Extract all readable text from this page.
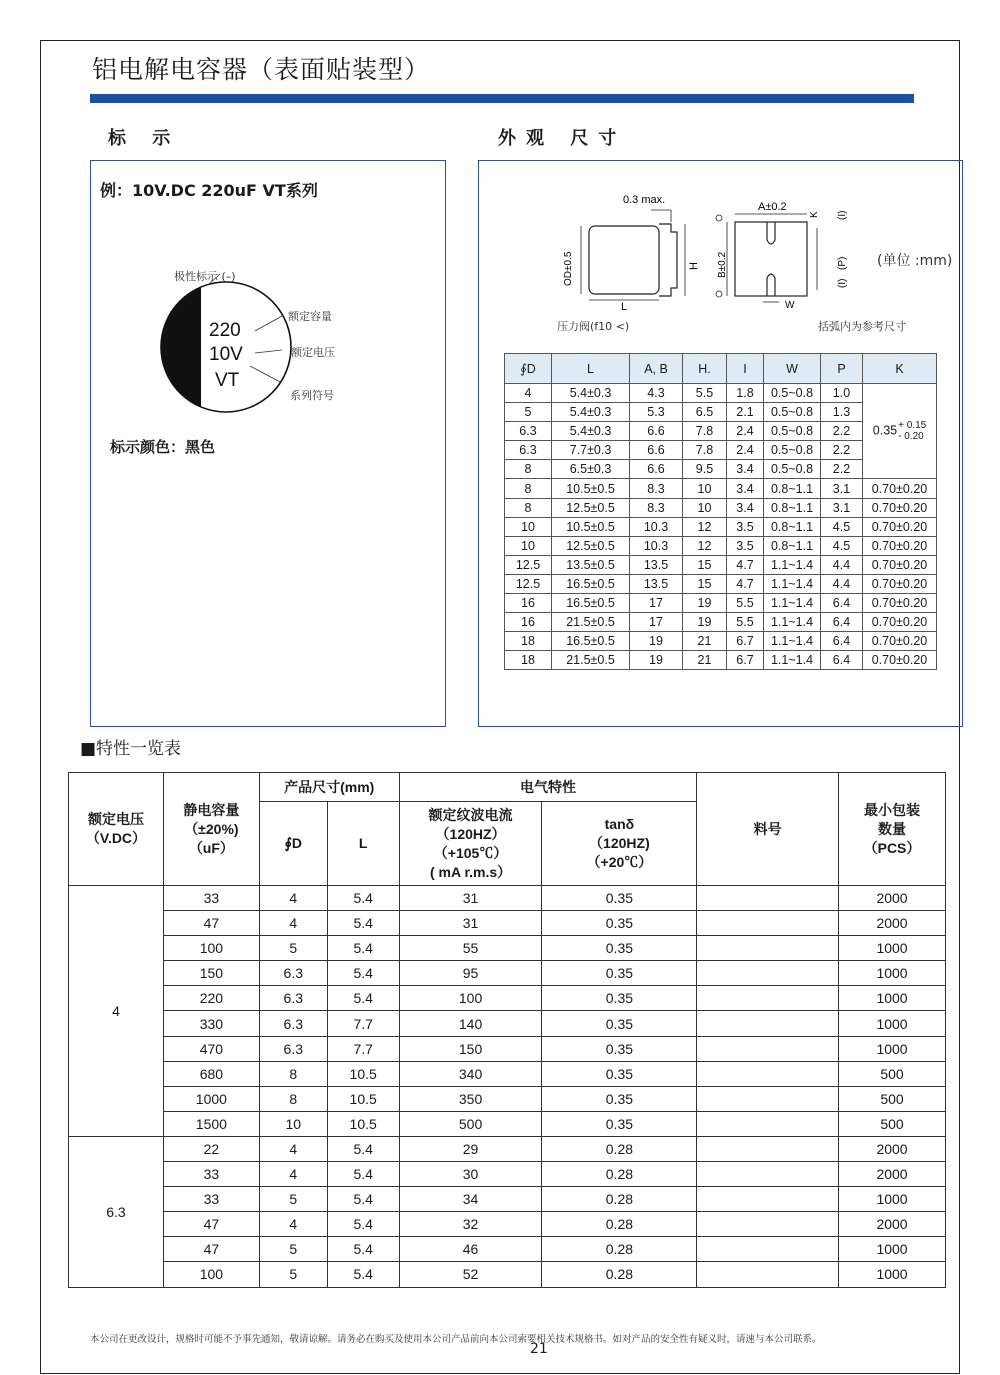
铝电解电容器（表面贴装型）
标 示	外观 尺寸
例：10V.DC 220uF VT系列
220
10V
VT
极性标示 (–)
额定容量
额定电压
系列符号
标示颜色：黑色
0.3 max.
OD±0.5
L
H
A±0.2
B±0.2
K (I)
(P)
(I)
W
(单位 :mm)
压力阀(f10 <)	括弧内为参考尺寸
∮D	L	A, B	H.	I	W	P	K
4	5.4±0.3	4.3	5.5	1.8	0.5~0.8	1.0	0.35+ 0.15
- 0.20
5	5.4±0.3	5.3	6.5	2.1	0.5~0.8	1.3	
6.3	5.4±0.3	6.6	7.8	2.4	0.5~0.8	2.2	
6.3	7.7±0.3	6.6	7.8	2.4	0.5~0.8	2.2	
8	6.5±0.3	6.6	9.5	3.4	0.5~0.8	2.2	
8	10.5±0.5	8.3	10	3.4	0.8~1.1	3.1	0.70±0.20
8	12.5±0.5	8.3	10	3.4	0.8~1.1	3.1	0.70±0.20
10	10.5±0.5	10.3	12	3.5	0.8~1.1	4.5	0.70±0.20
10	12.5±0.5	10.3	12	3.5	0.8~1.1	4.5	0.70±0.20
12.5	13.5±0.5	13.5	15	4.7	1.1~1.4	4.4	0.70±0.20
12.5	16.5±0.5	13.5	15	4.7	1.1~1.4	4.4	0.70±0.20
16	16.5±0.5	17	19	5.5	1.1~1.4	6.4	0.70±0.20
16	21.5±0.5	17	19	5.5	1.1~1.4	6.4	0.70±0.20
18	16.5±0.5	19	21	6.7	1.1~1.4	6.4	0.70±0.20
18	21.5±0.5	19	21	6.7	1.1~1.4	6.4	0.70±0.20
■特性一览表
额定电压
（V.DC）	静电容量
（±20%)
（uF）	产品尺寸(mm)		电气特性		料号	最小包装
数量
（PCS）
		∮D	L	额定纹波电流
（120HZ）
（+105℃）
( mA r.m.s）	tanδ
（120HZ)
（+20℃）		
4	33	4	5.4	31	0.35		2000
	47	4	5.4	31	0.35		2000
	100	5	5.4	55	0.35		1000
	150	6.3	5.4	95	0.35		1000
	220	6.3	5.4	100	0.35		1000
	330	6.3	7.7	140	0.35		1000
	470	6.3	7.7	150	0.35		1000
	680	8	10.5	340	0.35		500
	1000	8	10.5	350	0.35		500
	1500	10	10.5	500	0.35		500
6.3	22	4	5.4	29	0.28		2000
	33	4	5.4	30	0.28		2000
	33	5	5.4	34	0.28		1000
	47	4	5.4	32	0.28		2000
	47	5	5.4	46	0.28		1000
	100	5	5.4	52	0.28		1000
本公司在更改设计，规格时可能不予事先通知，敬请谅解。请务必在购买及使用本公司产品前向本公司索要相关技术规格书。如对产品的安全性有疑义时，请速与本公司联系。
21
